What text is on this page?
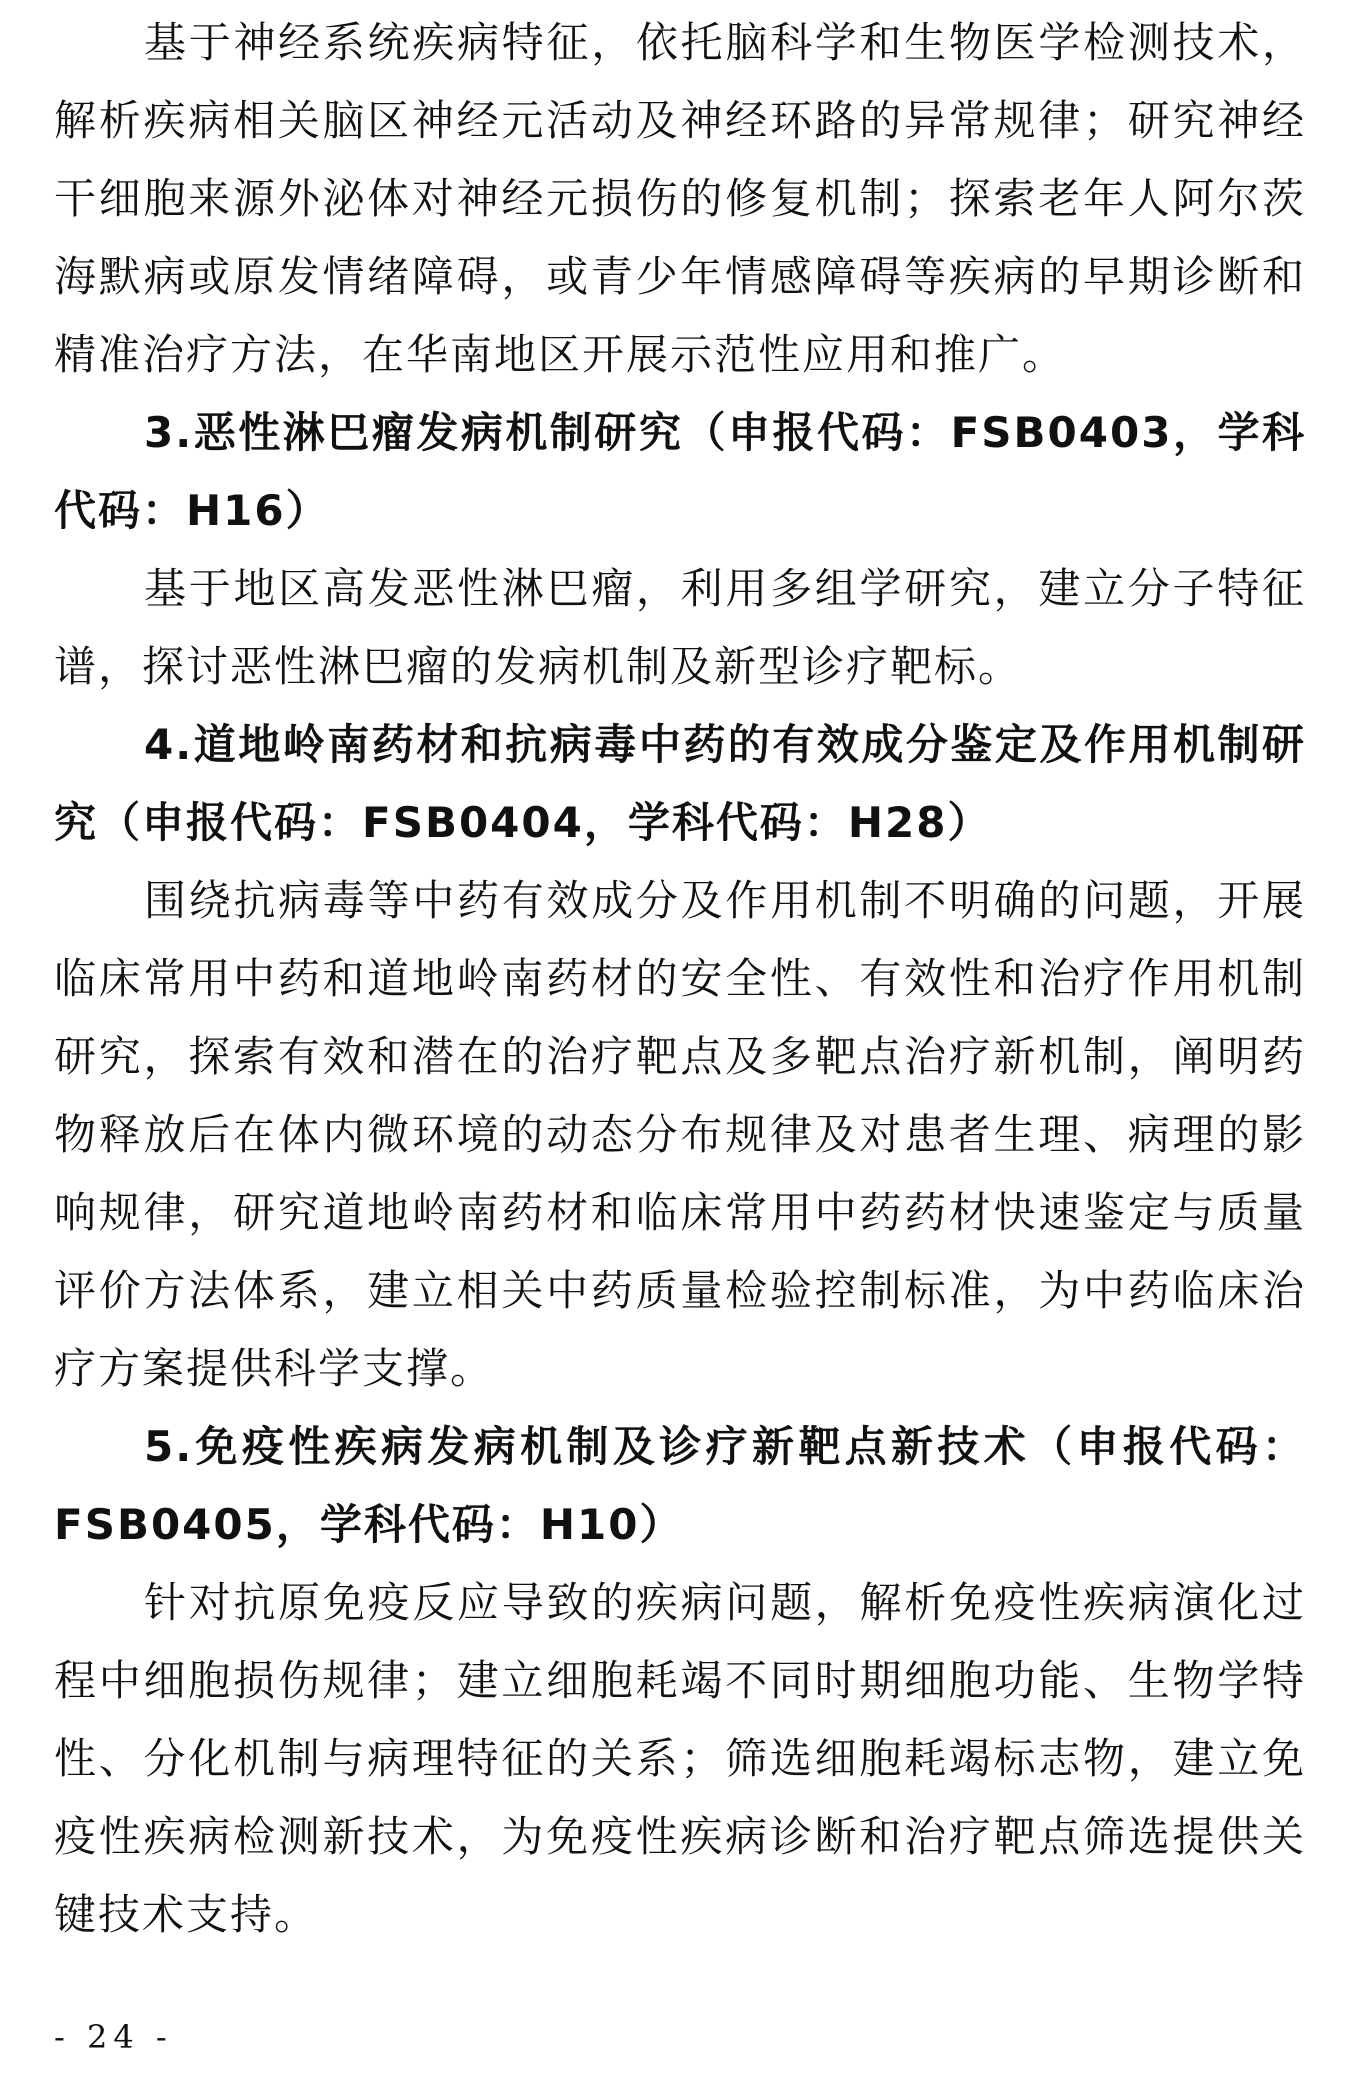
基于神经系统疾病特征，依托脑科学和生物医学检测技术，解析疾病相关脑区神经元活动及神经环路的异常规律；研究神经干细胞来源外泌体对神经元损伤的修复机制；探索老年人阿尔茨海默病或原发情绪障碍，或青少年情感障碍等疾病的早期诊断和精准治疗方法，在华南地区开展示范性应用和推广。

3.恶性淋巴瘤发病机制研究（申报代码：FSB0403，学科代码：H16）

基于地区高发恶性淋巴瘤，利用多组学研究，建立分子特征谱，探讨恶性淋巴瘤的发病机制及新型诊疗靶标。

4.道地岭南药材和抗病毒中药的有效成分鉴定及作用机制研究（申报代码：FSB0404，学科代码：H28）

围绕抗病毒等中药有效成分及作用机制不明确的问题，开展临床常用中药和道地岭南药材的安全性、有效性和治疗作用机制研究，探索有效和潜在的治疗靶点及多靶点治疗新机制，阐明药物释放后在体内微环境的动态分布规律及对患者生理、病理的影响规律，研究道地岭南药材和临床常用中药药材快速鉴定与质量评价方法体系，建立相关中药质量检验控制标准，为中药临床治疗方案提供科学支撑。

5.免疫性疾病发病机制及诊疗新靶点新技术（申报代码：FSB0405，学科代码：H10）

针对抗原免疫反应导致的疾病问题，解析免疫性疾病演化过程中细胞损伤规律；建立细胞耗竭不同时期细胞功能、生物学特性、分化机制与病理特征的关系；筛选细胞耗竭标志物，建立免疫性疾病检测新技术，为免疫性疾病诊断和治疗靶点筛选提供关键技术支持。

- 24 -
